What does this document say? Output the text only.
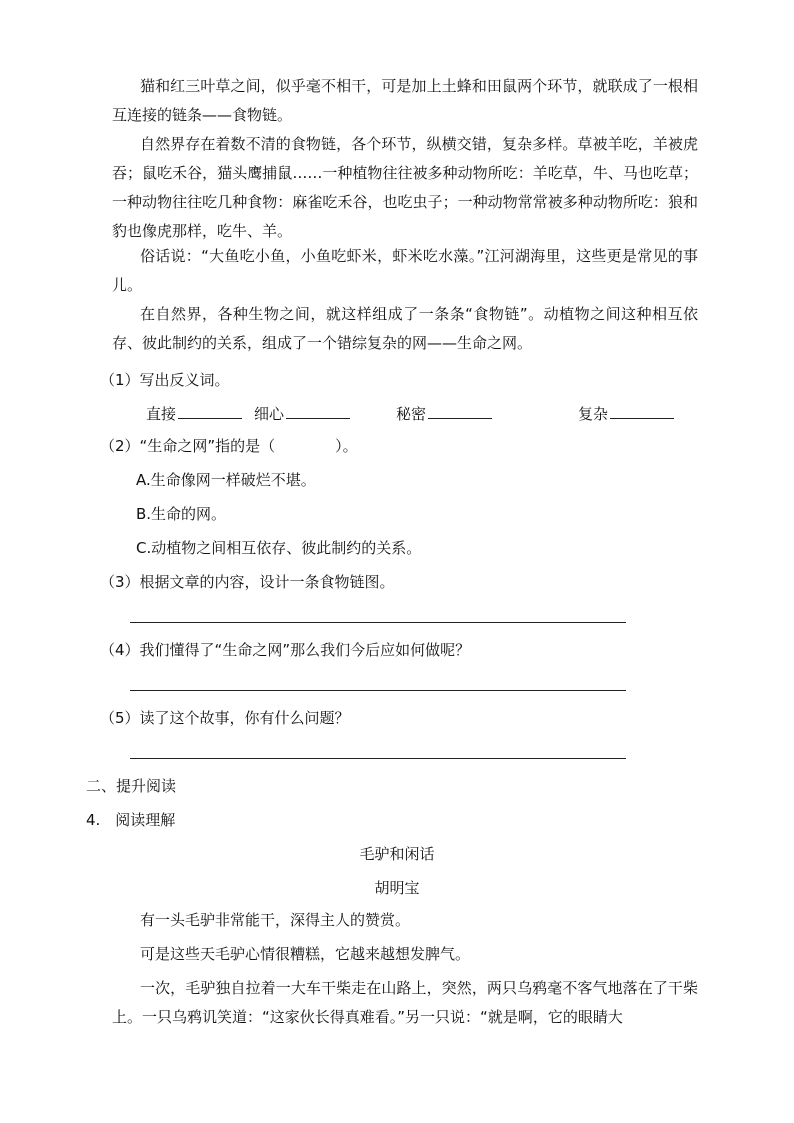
猫和红三叶草之间，似乎毫不相干，可是加上土蜂和田鼠两个环节，就联成了一根相互连接的链条——食物链。

自然界存在着数不清的食物链，各个环节，纵横交错，复杂多样。草被羊吃，羊被虎吞；鼠吃禾谷，猫头鹰捕鼠……一种植物往往被多种动物所吃：羊吃草，牛、马也吃草；一种动物往往吃几种食物：麻雀吃禾谷，也吃虫子；一种动物常常被多种动物所吃：狼和豹也像虎那样，吃牛、羊。

俗话说：“大鱼吃小鱼，小鱼吃虾米，虾米吃水藻。”江河湖海里，这些更是常见的事儿。

在自然界，各种生物之间，就这样组成了一条条“食物链”。动植物之间这种相互依存、彼此制约的关系，组成了一个错综复杂的网——生命之网。

（1）写出反义词。

直接	细心	秘密	复杂

（2）“生命之网”指的是（　　　　）。

A.生命像网一样破烂不堪。

B.生命的网。

C.动植物之间相互依存、彼此制约的关系。

（3）根据文章的内容，设计一条食物链图。

（4）我们懂得了“生命之网”那么我们今后应如何做呢？

（5）读了这个故事，你有什么问题？

二、提升阅读

4.　阅读理解

毛驴和闲话

胡明宝

有一头毛驴非常能干，深得主人的赞赏。

可是这些天毛驴心情很糟糕，它越来越想发脾气。

一次，毛驴独自拉着一大车干柴走在山路上，突然，两只乌鸦毫不客气地落在了干柴上。一只乌鸦讥笑道：“这家伙长得真难看。”另一只说：“就是啊，它的眼睛大
